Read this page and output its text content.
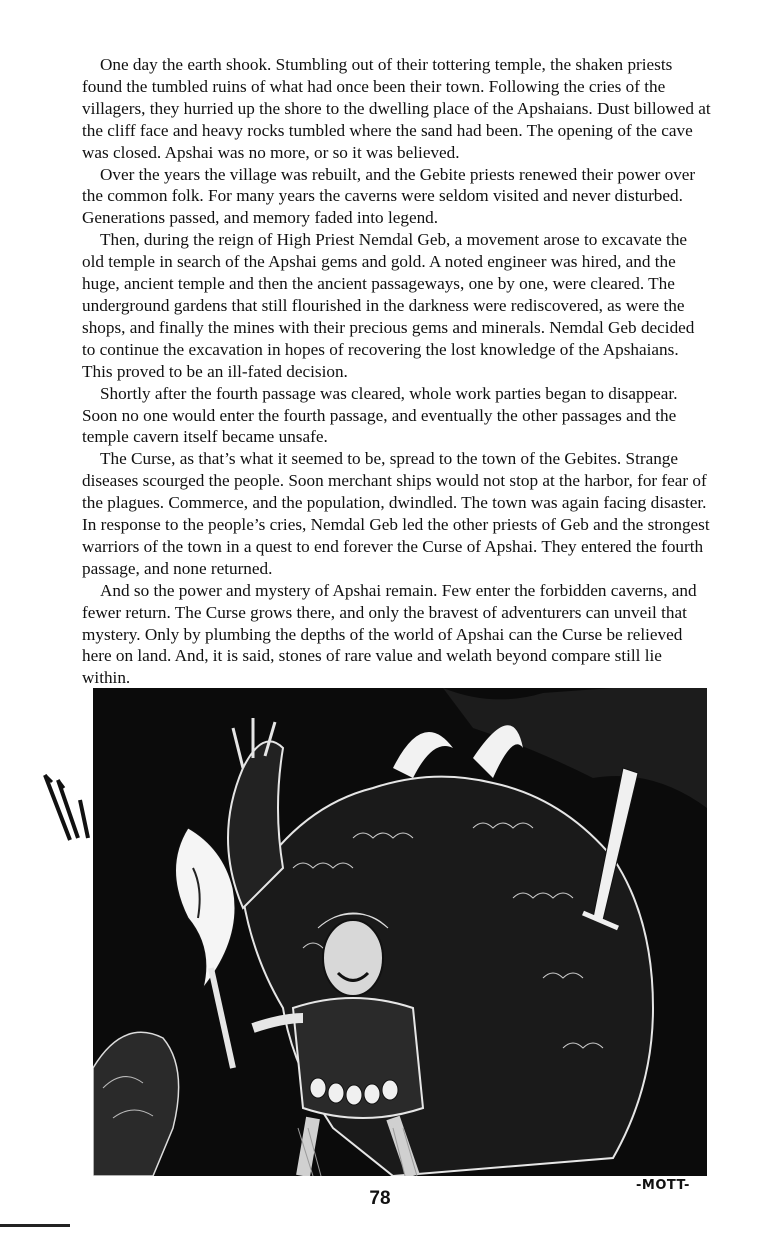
One day the earth shook. Stumbling out of their tottering temple, the shaken priests found the tumbled ruins of what had once been their town. Following the cries of the villagers, they hurried up the shore to the dwelling place of the Apshaians. Dust billowed at the cliff face and heavy rocks tumbled where the sand had been. The opening of the cave was closed. Apshai was no more, or so it was believed.

Over the years the village was rebuilt, and the Gebite priests renewed their power over the common folk. For many years the caverns were seldom visited and never disturbed. Generations passed, and memory faded into legend.

Then, during the reign of High Priest Nemdal Geb, a movement arose to excavate the old temple in search of the Apshai gems and gold. A noted engineer was hired, and the huge, ancient temple and then the ancient passageways, one by one, were cleared. The underground gardens that still flourished in the darkness were rediscovered, as were the shops, and finally the mines with their precious gems and minerals. Nemdal Geb decided to continue the excavation in hopes of recovering the lost knowledge of the Apshaians. This proved to be an ill-fated decision.

Shortly after the fourth passage was cleared, whole work parties began to disappear. Soon no one would enter the fourth passage, and eventually the other passages and the temple cavern itself became unsafe.

The Curse, as that’s what it seemed to be, spread to the town of the Gebites. Strange diseases scourged the people. Soon merchant ships would not stop at the harbor, for fear of the plagues. Commerce, and the population, dwindled. The town was again facing disaster. In response to the people’s cries, Nemdal Geb led the other priests of Geb and the strongest warriors of the town in a quest to end forever the Curse of Apshai. They entered the fourth passage, and none returned.

And so the power and mystery of Apshai remain. Few enter the forbidden caverns, and fewer return. The Curse grows there, and only the bravest of adventurers can unveil that mystery. Only by plumbing the depths of the world of Apshai can the Curse be relieved here on land. And, it is said, stones of rare value and welath beyond compare still lie within.

-MOTT-
78
